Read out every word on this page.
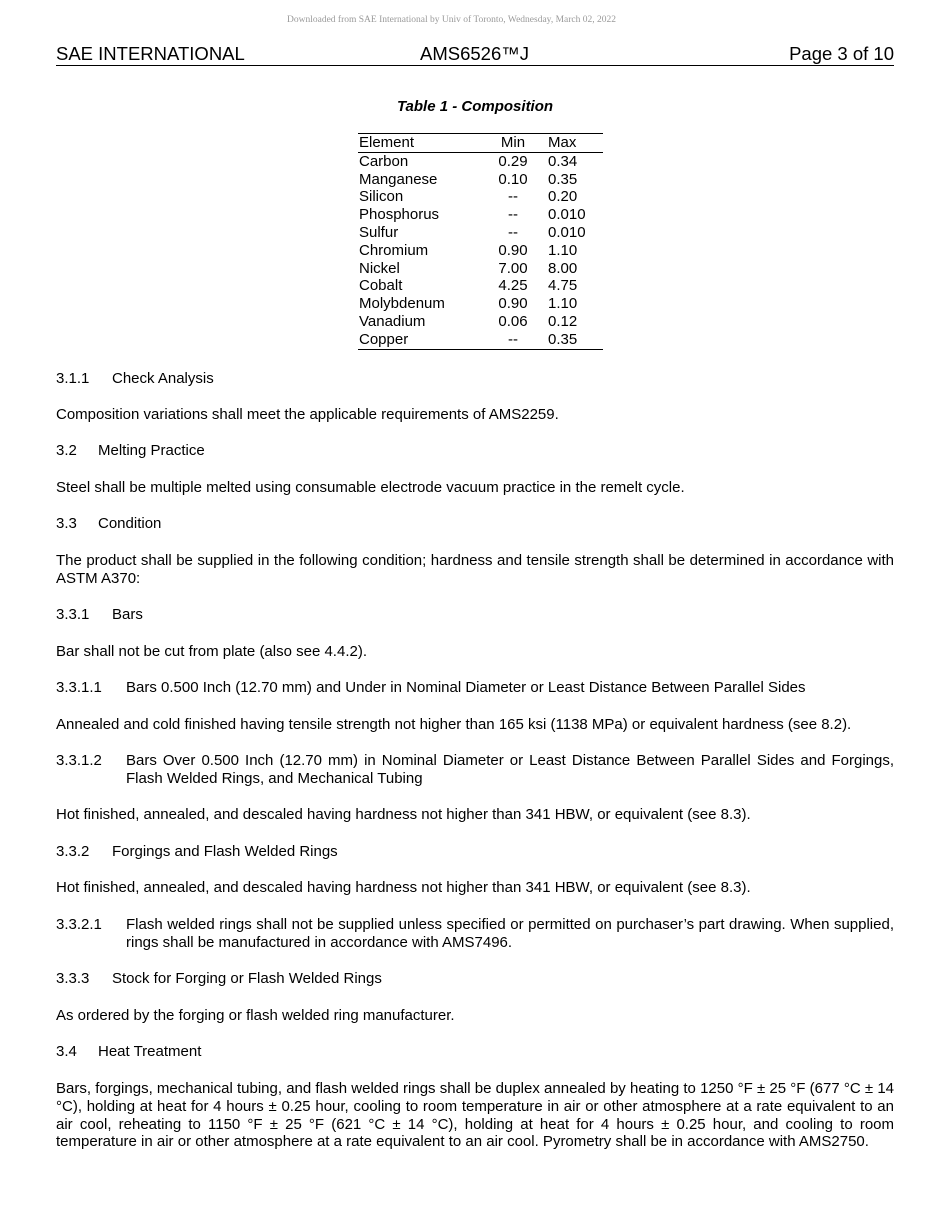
Downloaded from SAE International by Univ of Toronto, Wednesday, March 02, 2022
SAE INTERNATIONAL	AMS6526™J	Page 3 of 10
Table 1 - Composition
Element	Min	Max
Carbon	0.29	0.34
Manganese	0.10	0.35
Silicon	--	0.20
Phosphorus	--	0.010
Sulfur	--	0.010
Chromium	0.90	1.10
Nickel	7.00	8.00
Cobalt	4.25	4.75
Molybdenum	0.90	1.10
Vanadium	0.06	0.12
Copper	--	0.35
3.1.1 Check Analysis
Composition variations shall meet the applicable requirements of AMS2259.
3.2 Melting Practice
Steel shall be multiple melted using consumable electrode vacuum practice in the remelt cycle.
3.3 Condition
The product shall be supplied in the following condition; hardness and tensile strength shall be determined in accordance with ASTM A370:
3.3.1 Bars
Bar shall not be cut from plate (also see 4.4.2).
3.3.1.1 Bars 0.500 Inch (12.70 mm) and Under in Nominal Diameter or Least Distance Between Parallel Sides
Annealed and cold finished having tensile strength not higher than 165 ksi (1138 MPa) or equivalent hardness (see 8.2).
3.3.1.2 Bars Over 0.500 Inch (12.70 mm) in Nominal Diameter or Least Distance Between Parallel Sides and Forgings, Flash Welded Rings, and Mechanical Tubing
Hot finished, annealed, and descaled having hardness not higher than 341 HBW, or equivalent (see 8.3).
3.3.2 Forgings and Flash Welded Rings
Hot finished, annealed, and descaled having hardness not higher than 341 HBW, or equivalent (see 8.3).
3.3.2.1 Flash welded rings shall not be supplied unless specified or permitted on purchaser’s part drawing. When supplied, rings shall be manufactured in accordance with AMS7496.
3.3.3 Stock for Forging or Flash Welded Rings
As ordered by the forging or flash welded ring manufacturer.
3.4 Heat Treatment
Bars, forgings, mechanical tubing, and flash welded rings shall be duplex annealed by heating to 1250 °F ± 25 °F (677 °C ± 14 °C), holding at heat for 4 hours ± 0.25 hour, cooling to room temperature in air or other atmosphere at a rate equivalent to an air cool, reheating to 1150 °F ± 25 °F (621 °C ± 14 °C), holding at heat for 4 hours ± 0.25 hour, and cooling to room temperature in air or other atmosphere at a rate equivalent to an air cool. Pyrometry shall be in accordance with AMS2750.
